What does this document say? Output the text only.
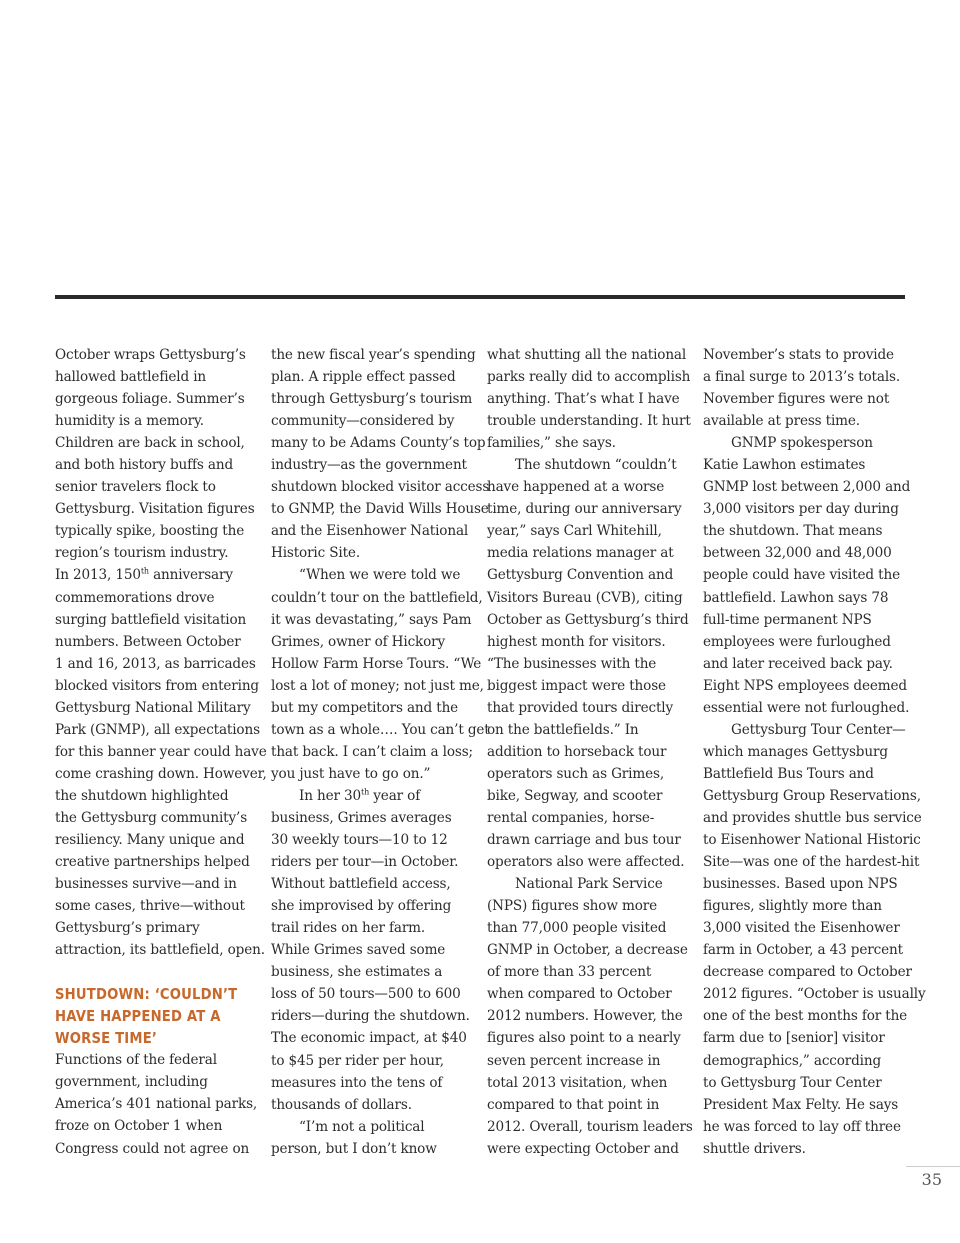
October wraps Gettysburg’s
hallowed battlefield in
gorgeous foliage. Summer’s
humidity is a memory.
Children are back in school,
and both history buffs and
senior travelers flock to
Gettysburg. Visitation figures
typically spike, boosting the
region’s tourism industry.

In 2013, 150th anniversary
commemorations drove
surging battlefield visitation
numbers. Between October
1 and 16, 2013, as barricades
blocked visitors from entering
Gettysburg National Military
Park (GNMP), all expectations
for this banner year could have
come crashing down. However,
the shutdown highlighted
the Gettysburg community’s
resiliency. Many unique and
creative partnerships helped
businesses survive—and in
some cases, thrive—without
Gettysburg’s primary
attraction, its battlefield, open.

SHUTDOWN: ‘COULDN’T
HAVE HAPPENED AT A
WORSE TIME’

Functions of the federal
government, including
America’s 401 national parks,
froze on October 1 when
Congress could not agree on

the new fiscal year’s spending
plan. A ripple effect passed
through Gettysburg’s tourism
community—considered by
many to be Adams County’s top
industry—as the government
shutdown blocked visitor access
to GNMP, the David Wills House
and the Eisenhower National
Historic Site.

“When we were told we
couldn’t tour on the battlefield,
it was devastating,” says Pam
Grimes, owner of Hickory
Hollow Farm Horse Tours. “We
lost a lot of money; not just me,
but my competitors and the
town as a whole…. You can’t get
that back. I can’t claim a loss;
you just have to go on.”

In her 30th year of
business, Grimes averages
30 weekly tours—10 to 12
riders per tour—in October.
Without battlefield access,
she improvised by offering
trail rides on her farm.
While Grimes saved some
business, she estimates a
loss of 50 tours—500 to 600
riders—during the shutdown.
The economic impact, at $40
to $45 per rider per hour,
measures into the tens of
thousands of dollars.

“I’m not a political
person, but I don’t know

what shutting all the national
parks really did to accomplish
anything. That’s what I have
trouble understanding. It hurt
families,” she says.

The shutdown “couldn’t
have happened at a worse
time, during our anniversary
year,” says Carl Whitehill,
media relations manager at
Gettysburg Convention and
Visitors Bureau (CVB), citing
October as Gettysburg’s third
highest month for visitors.
“The businesses with the
biggest impact were those
that provided tours directly
on the battlefields.” In
addition to horseback tour
operators such as Grimes,
bike, Segway, and scooter
rental companies, horse-
drawn carriage and bus tour
operators also were affected.

National Park Service
(NPS) figures show more
than 77,000 people visited
GNMP in October, a decrease
of more than 33 percent
when compared to October
2012 numbers. However, the
figures also point to a nearly
seven percent increase in
total 2013 visitation, when
compared to that point in
2012. Overall, tourism leaders
were expecting October and

November’s stats to provide
a final surge to 2013’s totals.
November figures were not
available at press time.

GNMP spokesperson
Katie Lawhon estimates
GNMP lost between 2,000 and
3,000 visitors per day during
the shutdown. That means
between 32,000 and 48,000
people could have visited the
battlefield. Lawhon says 78
full-time permanent NPS
employees were furloughed
and later received back pay.
Eight NPS employees deemed
essential were not furloughed.

Gettysburg Tour Center—
which manages Gettysburg
Battlefield Bus Tours and
Gettysburg Group Reservations,
and provides shuttle bus service
to Eisenhower National Historic
Site—was one of the hardest-hit
businesses. Based upon NPS
figures, slightly more than
3,000 visited the Eisenhower
farm in October, a 43 percent
decrease compared to October
2012 figures. “October is usually
one of the best months for the
farm due to [senior] visitor
demographics,” according
to Gettysburg Tour Center
President Max Felty. He says
he was forced to lay off three
shuttle drivers.

35
